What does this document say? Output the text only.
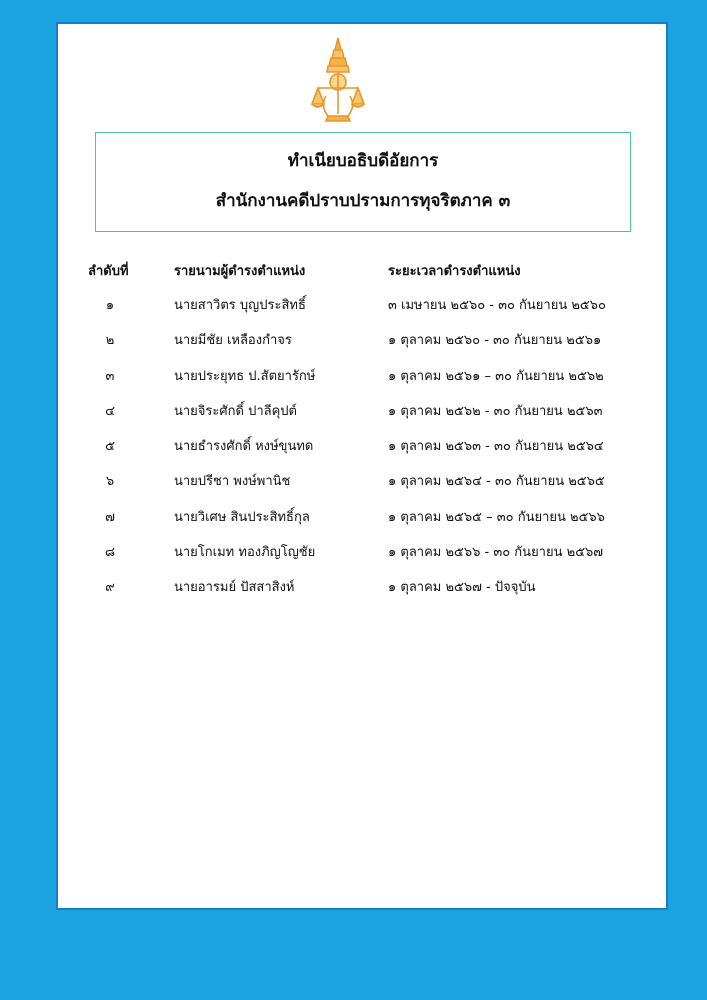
ทำเนียบอธิบดีอัยการ
สำนักงานคดีปราบปรามการทุจริตภาค ๓
ลำดับที่	รายนามผู้ดำรงตำแหน่ง	ระยะเวลาดำรงตำแหน่ง
๑	นายสาวิตร บุญประสิทธิ์	๓ เมษายน ๒๕๖๐ - ๓๐ กันยายน ๒๕๖๐
๒	นายมีชัย เหลืองกำจร	๑ ตุลาคม ๒๕๖๐ - ๓๐ กันยายน ๒๕๖๑
๓	นายประยุทธ ป.สัตยารักษ์	๑ ตุลาคม ๒๕๖๑ – ๓๐ กันยายน ๒๕๖๒
๔	นายจิระศักดิ์ ปาลีคุปต์	๑ ตุลาคม ๒๕๖๒ - ๓๐ กันยายน ๒๕๖๓
๕	นายธำรงศักดิ์ หงษ์ขุนทด	๑ ตุลาคม ๒๕๖๓ - ๓๐ กันยายน ๒๕๖๔
๖	นายปรีชา พงษ์พานิช	๑ ตุลาคม ๒๕๖๔ - ๓๐ กันยายน ๒๕๖๕
๗	นายวิเศษ สินประสิทธิ์กุล	๑ ตุลาคม ๒๕๖๕ – ๓๐ กันยายน ๒๕๖๖
๘	นายโกเมท ทองภิญโญชัย	๑ ตุลาคม ๒๕๖๖ - ๓๐ กันยายน ๒๕๖๗
๙	นายอารมย์ ปัสสาสิงห์	๑ ตุลาคม ๒๕๖๗ - ปัจจุบัน
